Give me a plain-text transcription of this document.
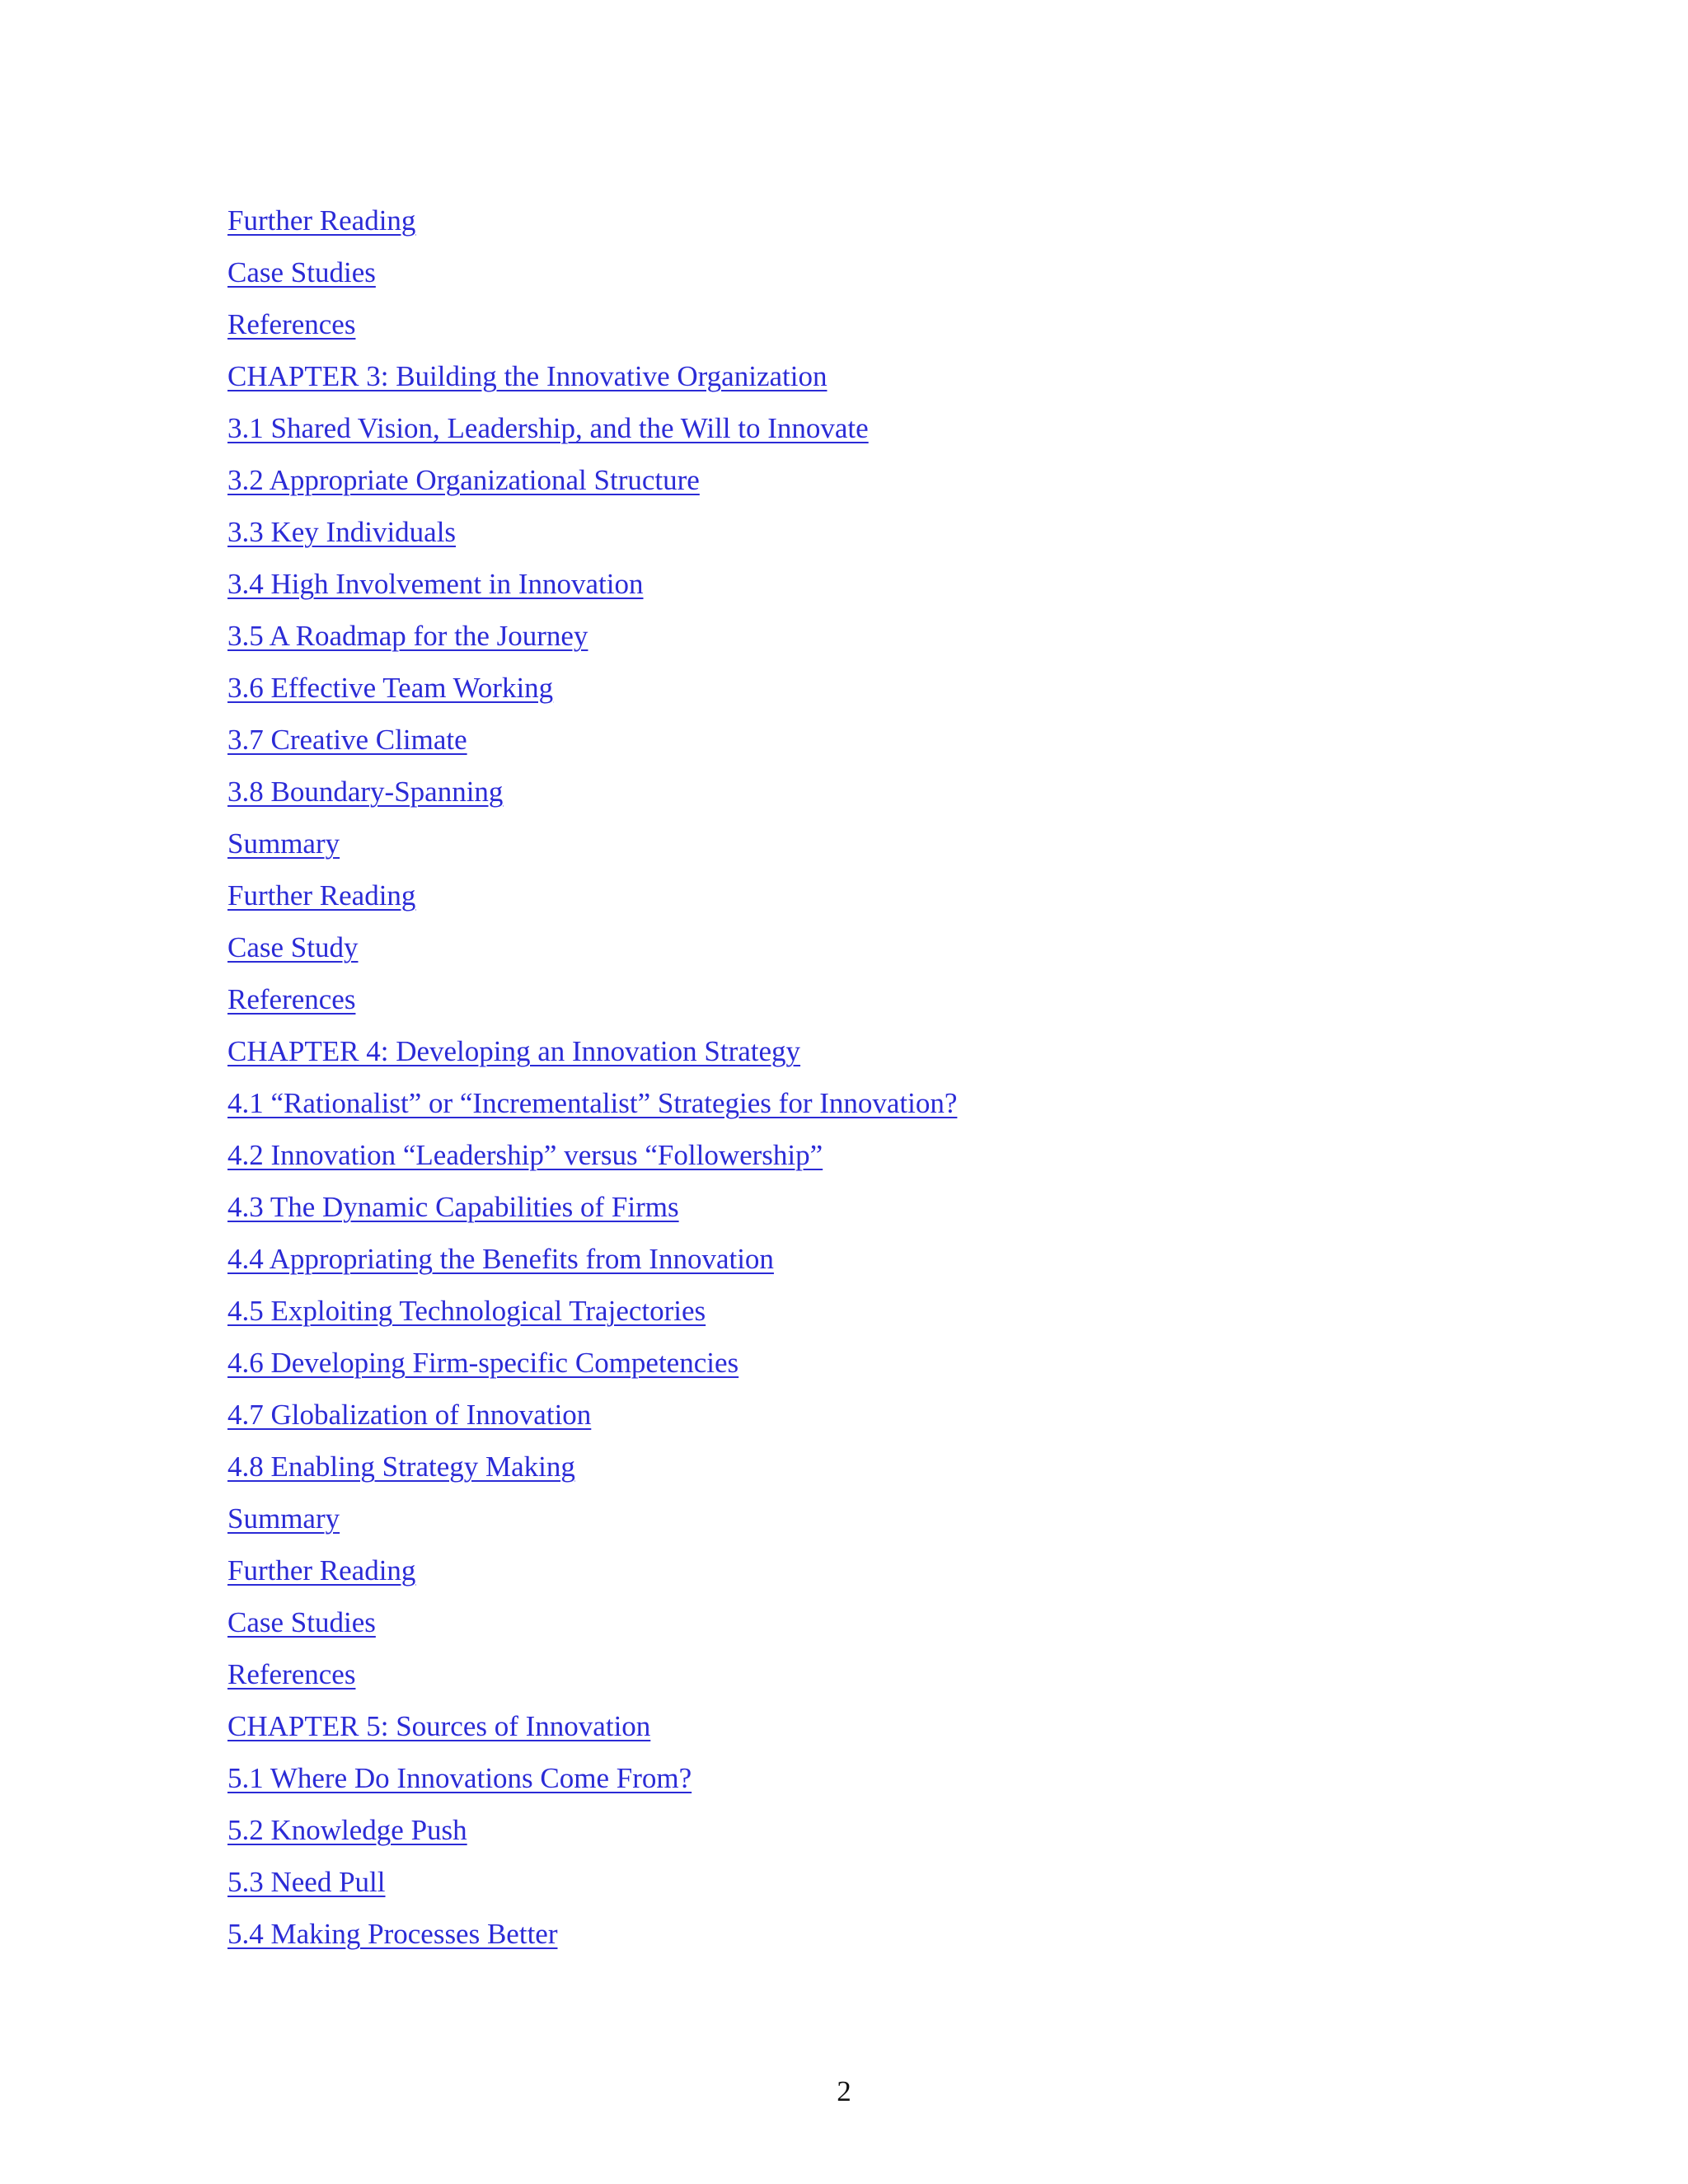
Further Reading
Case Studies
References
CHAPTER 3: Building the Innovative Organization
3.1 Shared Vision, Leadership, and the Will to Innovate
3.2 Appropriate Organizational Structure
3.3 Key Individuals
3.4 High Involvement in Innovation
3.5 A Roadmap for the Journey
3.6 Effective Team Working
3.7 Creative Climate
3.8 Boundary-Spanning
Summary
Further Reading
Case Study
References
CHAPTER 4: Developing an Innovation Strategy
4.1 “Rationalist” or “Incrementalist” Strategies for Innovation?
4.2 Innovation “Leadership” versus “Followership”
4.3 The Dynamic Capabilities of Firms
4.4 Appropriating the Benefits from Innovation
4.5 Exploiting Technological Trajectories
4.6 Developing Firm-specific Competencies
4.7 Globalization of Innovation
4.8 Enabling Strategy Making
Summary
Further Reading
Case Studies
References
CHAPTER 5: Sources of Innovation
5.1 Where Do Innovations Come From?
5.2 Knowledge Push
5.3 Need Pull
5.4 Making Processes Better
2
